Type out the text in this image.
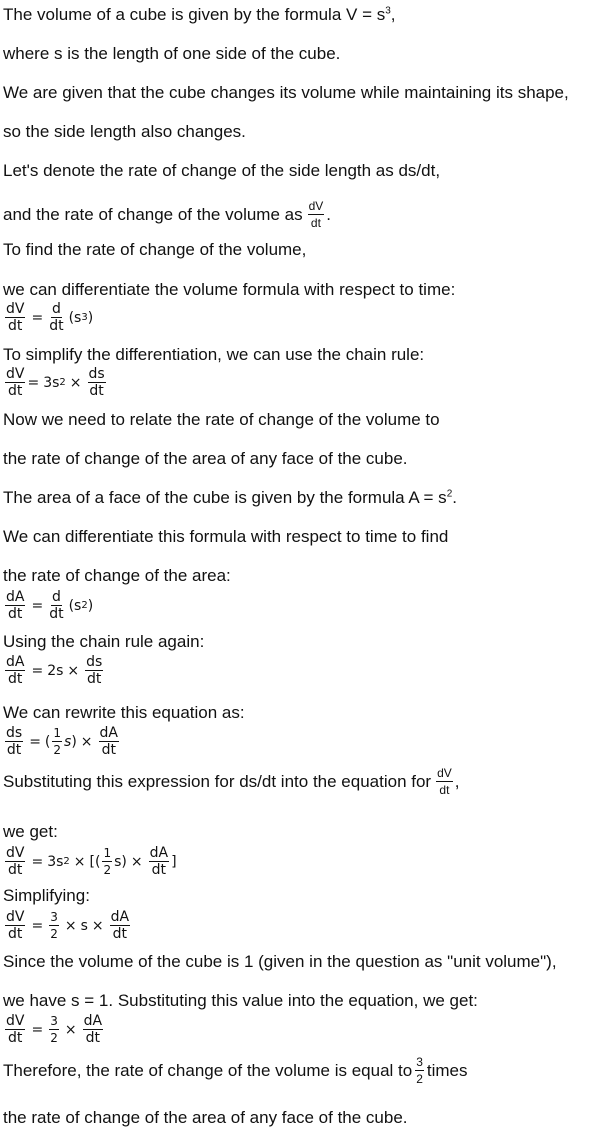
The volume of a cube is given by the formula $V = s^3$,
where s is the length of one side of the cube.
We are given that the cube changes its volume while maintaining its shape,
so the side length also changes.
Let's denote the rate of change of the side length as ds/dt,
and the rate of change of the volume as $\frac{dV}{dt}$ .
To find the rate of change of the volume,
we can differentiate the volume formula with respect to time:
$\frac{dV}{dt} = \frac{d}{dt} (s$ 3 )
To simplify the differentiation, we can use the chain rule:
$\frac{dV}{dt} = 3s$ $2 \times \frac{ds}{dt}$
Now we need to relate the rate of change of the volume to
the rate of change of the area of any face of the cube.
The area of a face of the cube is given by the formula $A = s^2$.
We can differentiate this formula with respect to time to find
the rate of change of the area:
$\frac{dA}{dt} = \frac{d}{dt} (s$ 2 )
Using the chain rule again:
$\frac{dA}{dt} = 2s \times \frac{ds}{dt}$
We can rewrite this equation as:
$\frac{ds}{dt}$ = ( $\frac{1}{2}$ s ) × $\frac{dA}{dt}$
Substituting this expression for ds/dt into the equation for $\frac{dV}{dt}$ ,
we get:
$\frac{dV}{dt} = 3s$ 2 × [( $\frac{1}{2} s) \times \frac{dA}{dt}$ ]
Simplifying:
$\frac{dV}{dt} = \frac{3}{2} \times s \times \frac{dA}{dt}$
Since the volume of the cube is 1 (given in the question as "unit volume"),
we have s = 1. Substituting this value into the equation, we get:
$\frac{dV}{dt} = \frac{3}{2} \times \frac{dA}{dt}$
Therefore, the rate of change of the volume is equal to $\frac{3}{2}$ times
the rate of change of the area of any face of the cube.
